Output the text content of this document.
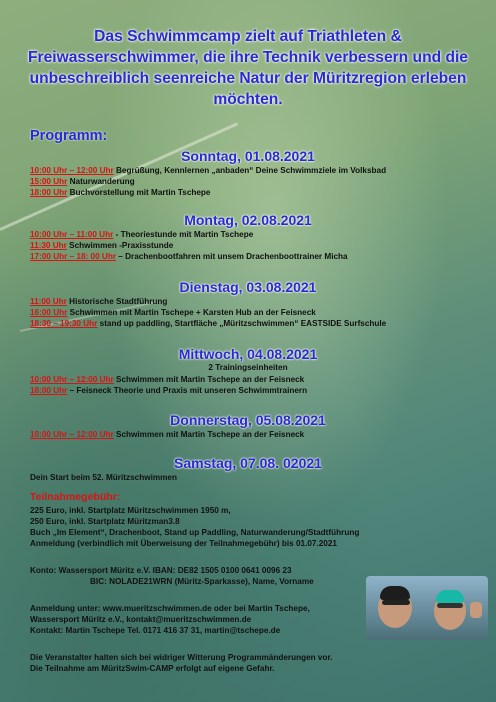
Das Schwimmcamp zielt auf Triathleten & Freiwasserschwimmer, die ihre Technik verbessern und die unbeschreiblich seenreiche Natur der Müritzregion erleben möchten.
Programm:
Sonntag, 01.08.2021
10:00 Uhr – 12:00 Uhr Begrüßung, Kennlernen „anbaden“ Deine Schwimmziele im Volksbad
15:00 Uhr Naturwanderung
18:00 Uhr Buchvorstellung mit Martin Tschepe
Montag, 02.08.2021
10:00 Uhr – 11:00 Uhr - Theoriestunde mit Martin Tschepe
11:30 Uhr Schwimmen -Praxisstunde
17:00 Uhr – 18: 00 Uhr – Drachenbootfahren mit unsem Drachenboottrainer Micha
Dienstag, 03.08.2021
11:00 Uhr Historische Stadtführung
16:00 Uhr Schwimmen mit Martin Tschepe + Karsten Hub an der Feisneck
18:30 – 19:30 Uhr stand up paddling, Startfläche „Müritzschwimmen“ EASTSIDE Surfschule
Mittwoch, 04.08.2021
2 Trainingseinheiten
10:00 Uhr – 12:00 Uhr Schwimmen mit Martin Tschepe an der Feisneck
18:00 Uhr – Feisneck Theorie und Praxis mit unseren Schwimmtrainern
Donnerstag, 05.08.2021
10:00 Uhr – 12:00 Uhr Schwimmen mit Martin Tschepe an der Feisneck
Samstag, 07.08. 02021
Dein Start beim 52. Müritzschwimmen
Teilnahmegebühr:
225 Euro, inkl. Startplatz Müritzschwimmen 1950 m,
250 Euro, inkl. Startplatz Müritzman3.8
Buch „Im Element“, Drachenboot, Stand up Paddling, Naturwanderung/Stadtführung
Anmeldung (verbindlich mit Überweisung der Teilnahmegebühr) bis 01.07.2021
Konto: Wassersport Müritz e.V. IBAN: DE82 1505 0100 0641 0096 23
BIC: NOLADE21WRN (Müritz-Sparkasse), Name, Vorname
Anmeldung unter: www.mueritzschwimmen.de oder bei Martin Tschepe,
Wassersport Müritz e.V., kontakt@mueritzschwimmen.de
Kontakt: Martin Tschepe Tel. 0171 416 37 31, martin@tschepe.de
Die Veranstalter halten sich bei widriger Witterung Programmänderungen vor.
Die Teilnahme am MüritzSwim-CAMP erfolgt auf eigene Gefahr.
